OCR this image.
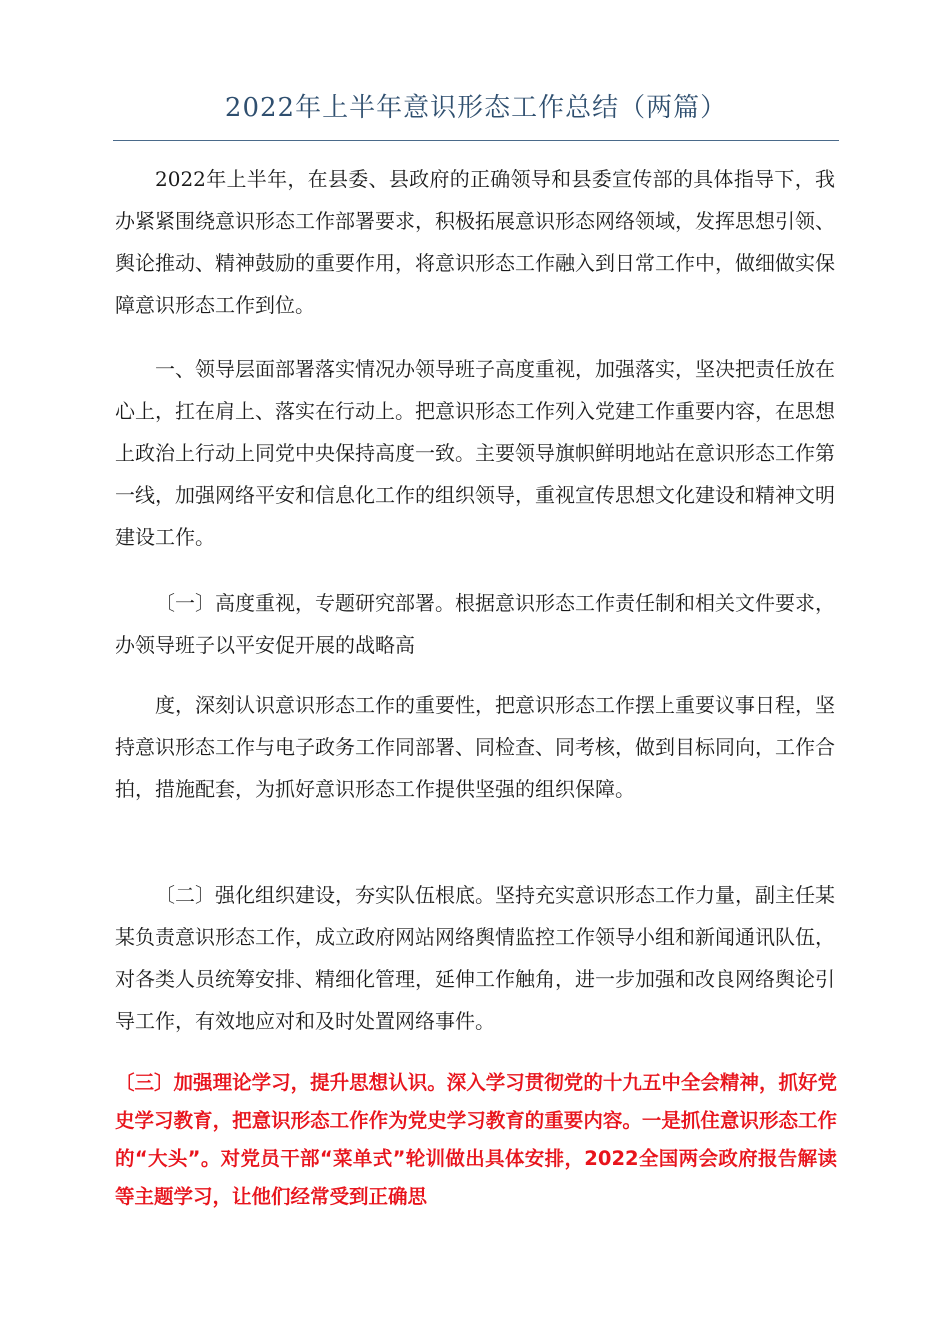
2022年上半年意识形态工作总结（两篇）
2022年上半年，在县委、县政府的正确领导和县委宣传部的具体指导下，我办紧紧围绕意识形态工作部署要求，积极拓展意识形态网络领域，发挥思想引领、舆论推动、精神鼓励的重要作用，将意识形态工作融入到日常工作中，做细做实保障意识形态工作到位。
一、领导层面部署落实情况办领导班子高度重视，加强落实，坚决把责任放在心上，扛在肩上、落实在行动上。把意识形态工作列入党建工作重要内容，在思想上政治上行动上同党中央保持高度一致。主要领导旗帜鲜明地站在意识形态工作第一线，加强网络平安和信息化工作的组织领导，重视宣传思想文化建设和精神文明建设工作。
〔一〕高度重视，专题研究部署。根据意识形态工作责任制和相关文件要求，办领导班子以平安促开展的战略高
度，深刻认识意识形态工作的重要性，把意识形态工作摆上重要议事日程，坚持意识形态工作与电子政务工作同部署、同检查、同考核，做到目标同向，工作合拍，措施配套，为抓好意识形态工作提供坚强的组织保障。
〔二〕强化组织建设，夯实队伍根底。坚持充实意识形态工作力量，副主任某某负责意识形态工作，成立政府网站网络舆情监控工作领导小组和新闻通讯队伍，对各类人员统筹安排、精细化管理，延伸工作触角，进一步加强和改良网络舆论引导工作，有效地应对和及时处置网络事件。
〔三〕加强理论学习，提升思想认识。深入学习贯彻党的十九五中全会精神，抓好党史学习教育，把意识形态工作作为党史学习教育的重要内容。一是抓住意识形态工作的“大头”。对党员干部“菜单式”轮训做出具体安排，2022全国两会政府报告解读等主题学习，让他们经常受到正确思
